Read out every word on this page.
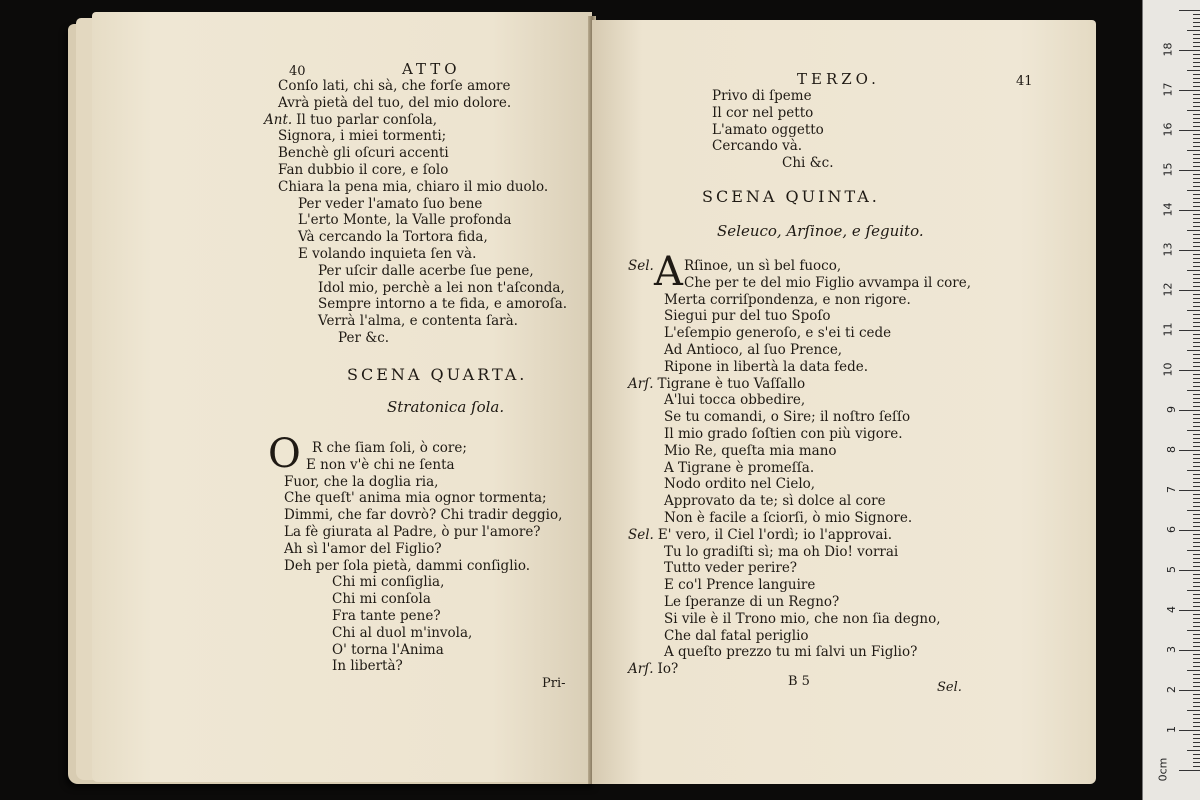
40	ATTO
Conſo lati, chi sà, che forſe amore
Avrà pietà del tuo, del mio dolore.
Ant. Il tuo parlar conſola,
Signora, i miei tormenti;
Benchè gli oſcuri accenti
Fan dubbio il core, e ſolo
Chiara la pena mia, chiaro il mio duolo.
Per veder l'amato ſuo bene
L'erto Monte, la Valle profonda
Và cercando la Tortora fida,
E volando inquieta ſen và.
Per uſcir dalle acerbe ſue pene,
Idol mio, perchè a lei non t'aſconda,
Sempre intorno a te fida, e amoroſa.
Verrà l'alma, e contenta ſarà.
Per &c.
SCENA QUARTA.
Stratonica ſola.
O R che ſiam ſoli, ò core;
E non v'è chi ne ſenta
Fuor, che la doglia ria,
Che queſt' anima mia ognor tormenta;
Dimmi, che far dovrò? Chi tradir deggio,
La fè giurata al Padre, ò pur l'amore?
Ah sì l'amor del Figlio?
Deh per ſola pietà, dammi conſiglio.
Chi mi conſiglia,
Chi mi conſola
Fra tante pene?
Chi al duol m'invola,
O' torna l'Anima
In libertà?
Pri-
TERZO.	41
Privo di ſpeme
Il cor nel petto
L'amato oggetto
Cercando và.
Chi &c.
SCENA QUINTA.
Seleuco, Arſinoe, e ſeguito.
Sel. A Rſinoe, un sì bel fuoco,
Che per te del mio Figlio avvampa il core,
Merta corriſpondenza, e non rigore.
Siegui pur del tuo Spoſo
L'eſempio generoſo, e s'ei ti cede
Ad Antioco, al ſuo Prence,
Ripone in libertà la data fede.
Arſ. Tigrane è tuo Vaſſallo
A'lui tocca obbedire,
Se tu comandi, o Sire; il noſtro ſeſſo
Il mio grado ſoſtien con più vigore.
Mio Re, queſta mia mano
A Tigrane è promeſſa.
Nodo ordito nel Cielo,
Approvato da te; sì dolce al core
Non è facile a ſciorſi, ò mio Signore.
Sel. E' vero, il Ciel l'ordì; io l'approvai.
Tu lo gradiſti sì; ma oh Dio! vorrai
Tutto veder perire?
E co'l Prence languire
Le ſperanze di un Regno?
Si vile è il Trono mio, che non ſia degno,
Che dal fatal periglio
A queſto prezzo tu mi ſalvi un Figlio?
Arſ. Io?
B 5	Sel.
0cm
1
2
3
4
5
6
7
8
9
10
11
12
13
14
15
16
17
18
